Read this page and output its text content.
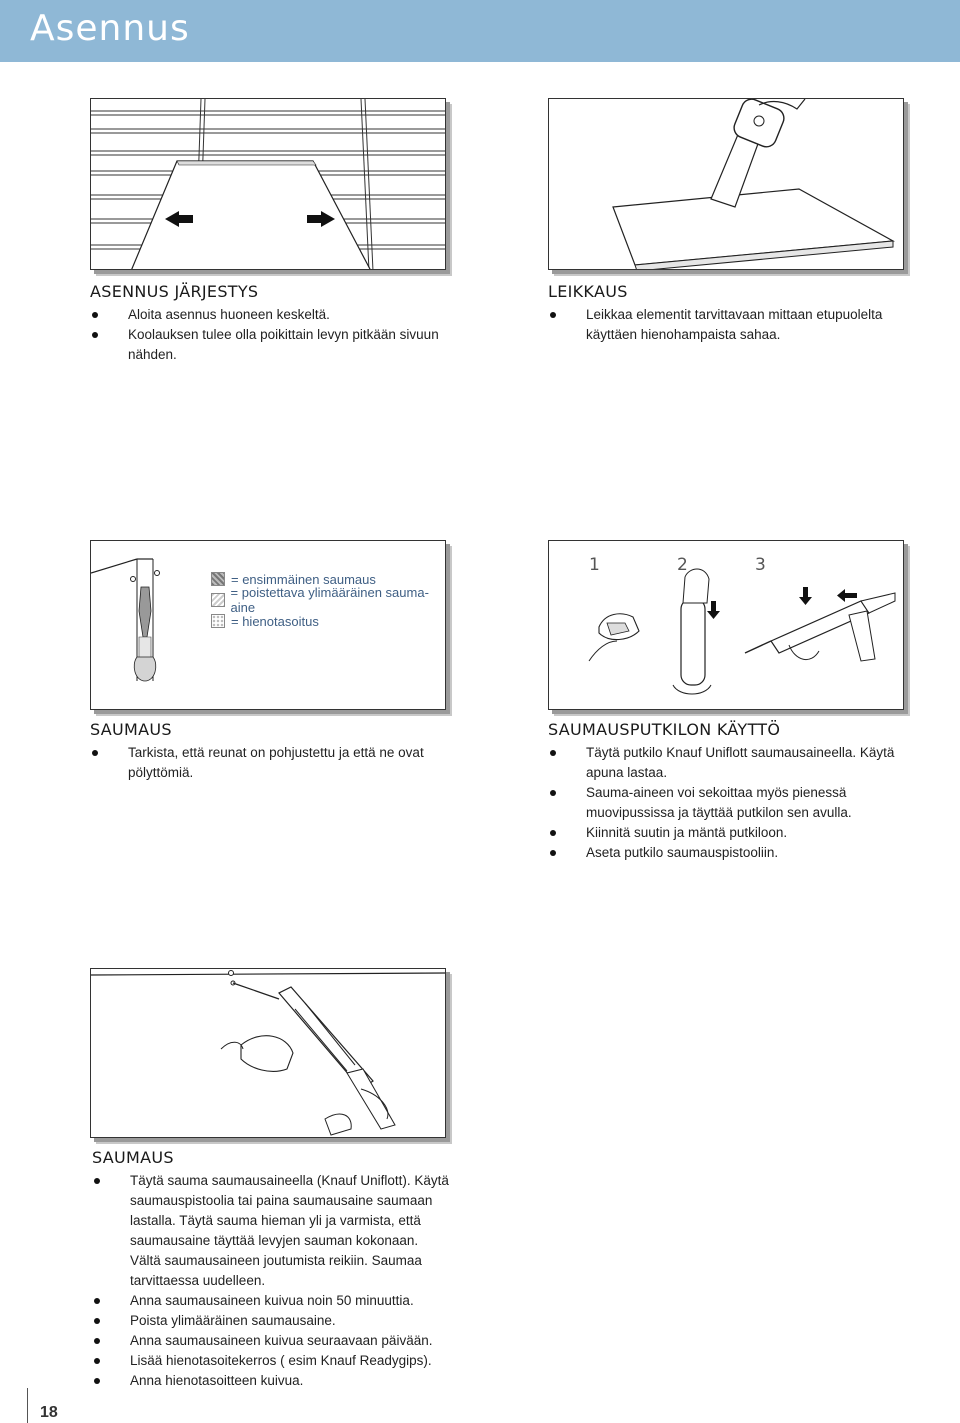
Asennus
ASENNUS JÄRJESTYS
Aloita asennus huoneen keskeltä.
Koolauksen tulee olla poikittain levyn pitkään sivuun nähden.
LEIKKAUS
Leikkaa elementit tarvittavaan mittaan etupuolelta käyttäen hienohampaista sahaa.
= ensimmäinen saumaus
= poistettava ylimääräinen sauma-aine
= hienotasoitus
1	2	3
SAUMAUS
Tarkista, että reunat on pohjustettu ja että ne ovat pölyttömiä.
SAUMAUSPUTKILON KÄYTTÖ
Täytä putkilo Knauf Uniflott saumausaineella. Käytä apuna lastaa.
Sauma-aineen voi sekoittaa myös pienessä muovipussissa ja täyttää putkilon sen avulla.
Kiinnitä suutin ja mäntä putkiloon.
Aseta putkilo saumauspistooliin.
SAUMAUS
Täytä sauma saumausaineella (Knauf Uniflott). Käytä saumauspistoolia tai paina saumausaine saumaan lastalla. Täytä sauma hieman yli ja varmista, että saumausaine täyttää levyjen sauman kokonaan. Vältä saumausaineen joutumista reikiin. Saumaa tarvittaessa uudelleen.
Anna saumausaineen kuivua noin 50 minuuttia.
Poista ylimääräinen saumausaine.
Anna saumausaineen kuivua seuraavaan päivään.
Lisää hienotasoitekerros ( esim Knauf Readygips).
Anna hienotasoitteen kuivua.
18
